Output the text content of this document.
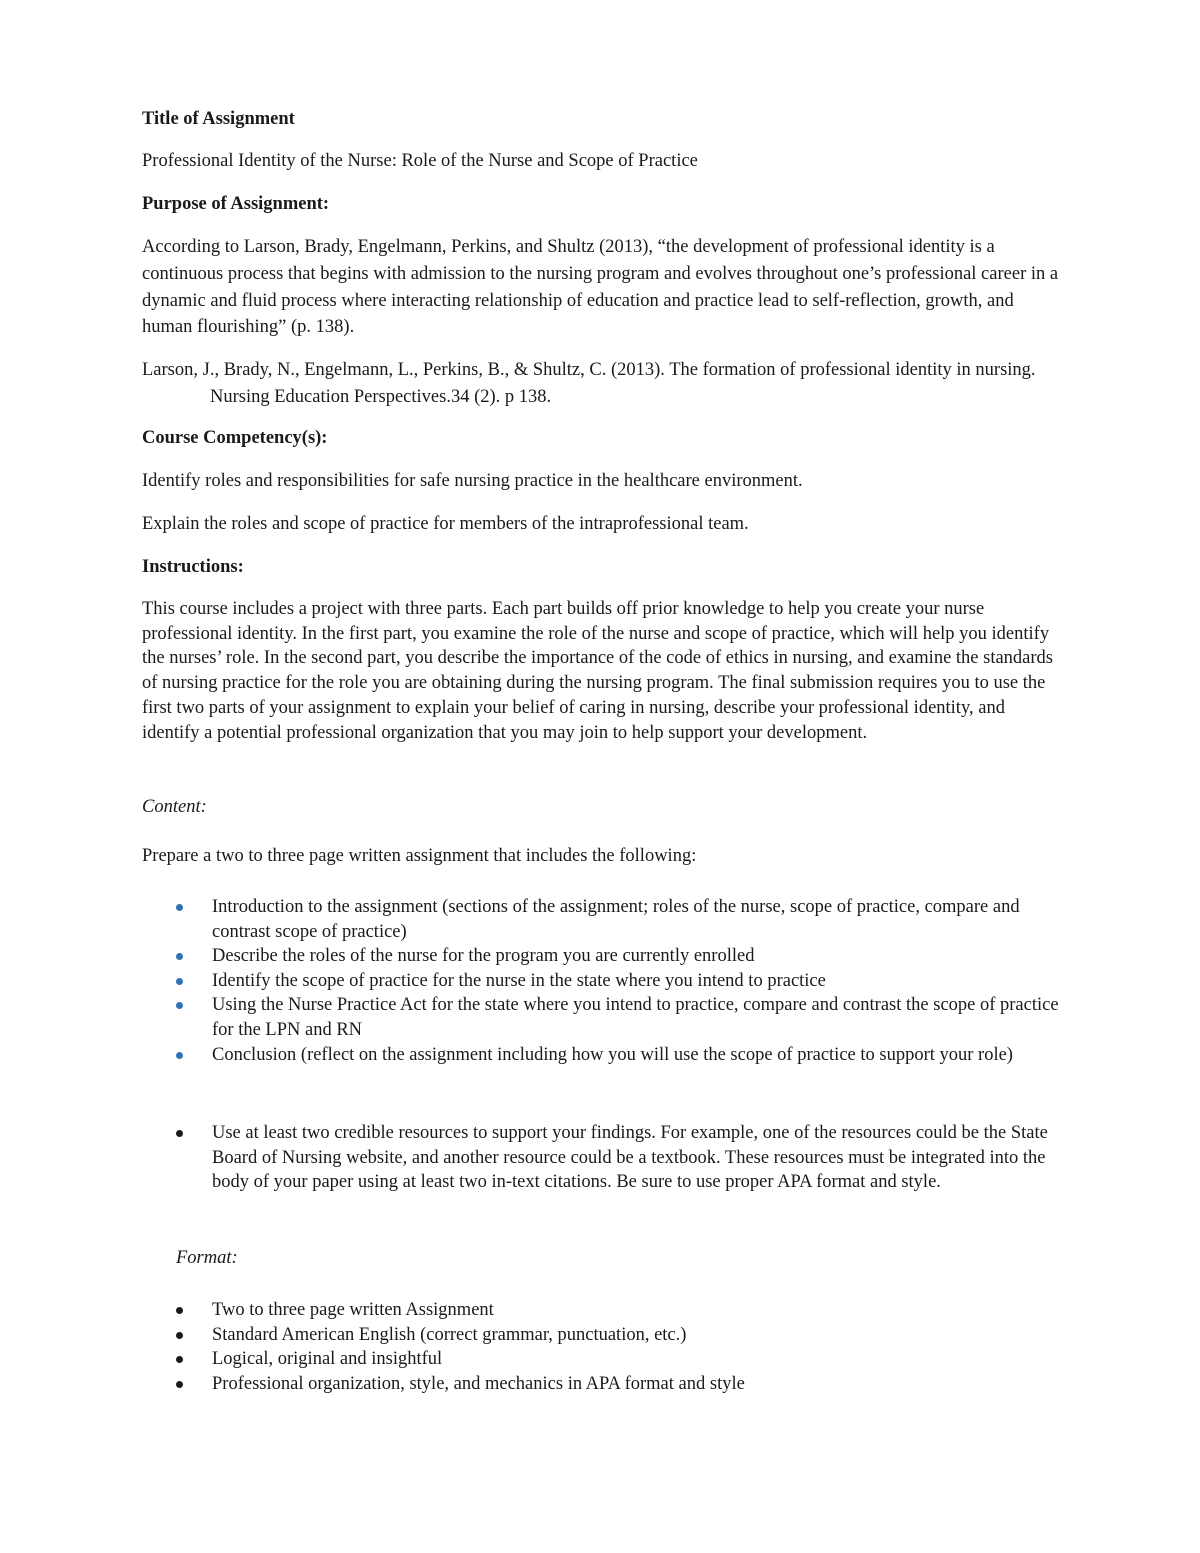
Title of Assignment

Professional Identity of the Nurse: Role of the Nurse and Scope of Practice

Purpose of Assignment:

According to Larson, Brady, Engelmann, Perkins, and Shultz (2013), “the development of professional identity is a continuous process that begins with admission to the nursing program and evolves throughout one’s professional career in a dynamic and fluid process where interacting relationship of education and practice lead to self-reflection, growth, and human flourishing” (p. 138).

Larson, J., Brady, N., Engelmann, L., Perkins, B., & Shultz, C. (2013). The formation of professional identity in nursing. Nursing Education Perspectives.34 (2). p 138.

Course Competency(s):

Identify roles and responsibilities for safe nursing practice in the healthcare environment.

Explain the roles and scope of practice for members of the intraprofessional team.

Instructions:

This course includes a project with three parts. Each part builds off prior knowledge to help you create your nurse professional identity. In the first part, you examine the role of the nurse and scope of practice, which will help you identify the nurses’ role. In the second part, you describe the importance of the code of ethics in nursing, and examine the standards of nursing practice for the role you are obtaining during the nursing program. The final submission requires you to use the first two parts of your assignment to explain your belief of caring in nursing, describe your professional identity, and identify a potential professional organization that you may join to help support your development.

Content:

Prepare a two to three page written assignment that includes the following:

Introduction to the assignment (sections of the assignment; roles of the nurse, scope of practice, compare and contrast scope of practice)
Describe the roles of the nurse for the program you are currently enrolled
Identify the scope of practice for the nurse in the state where you intend to practice
Using the Nurse Practice Act for the state where you intend to practice, compare and contrast the scope of practice for the LPN and RN
Conclusion (reflect on the assignment including how you will use the scope of practice to support your role)
Use at least two credible resources to support your findings. For example, one of the resources could be the State Board of Nursing website, and another resource could be a textbook. These resources must be integrated into the body of your paper using at least two in-text citations. Be sure to use proper APA format and style.

Format:

Two to three page written Assignment
Standard American English (correct grammar, punctuation, etc.)
Logical, original and insightful
Professional organization, style, and mechanics in APA format and style
